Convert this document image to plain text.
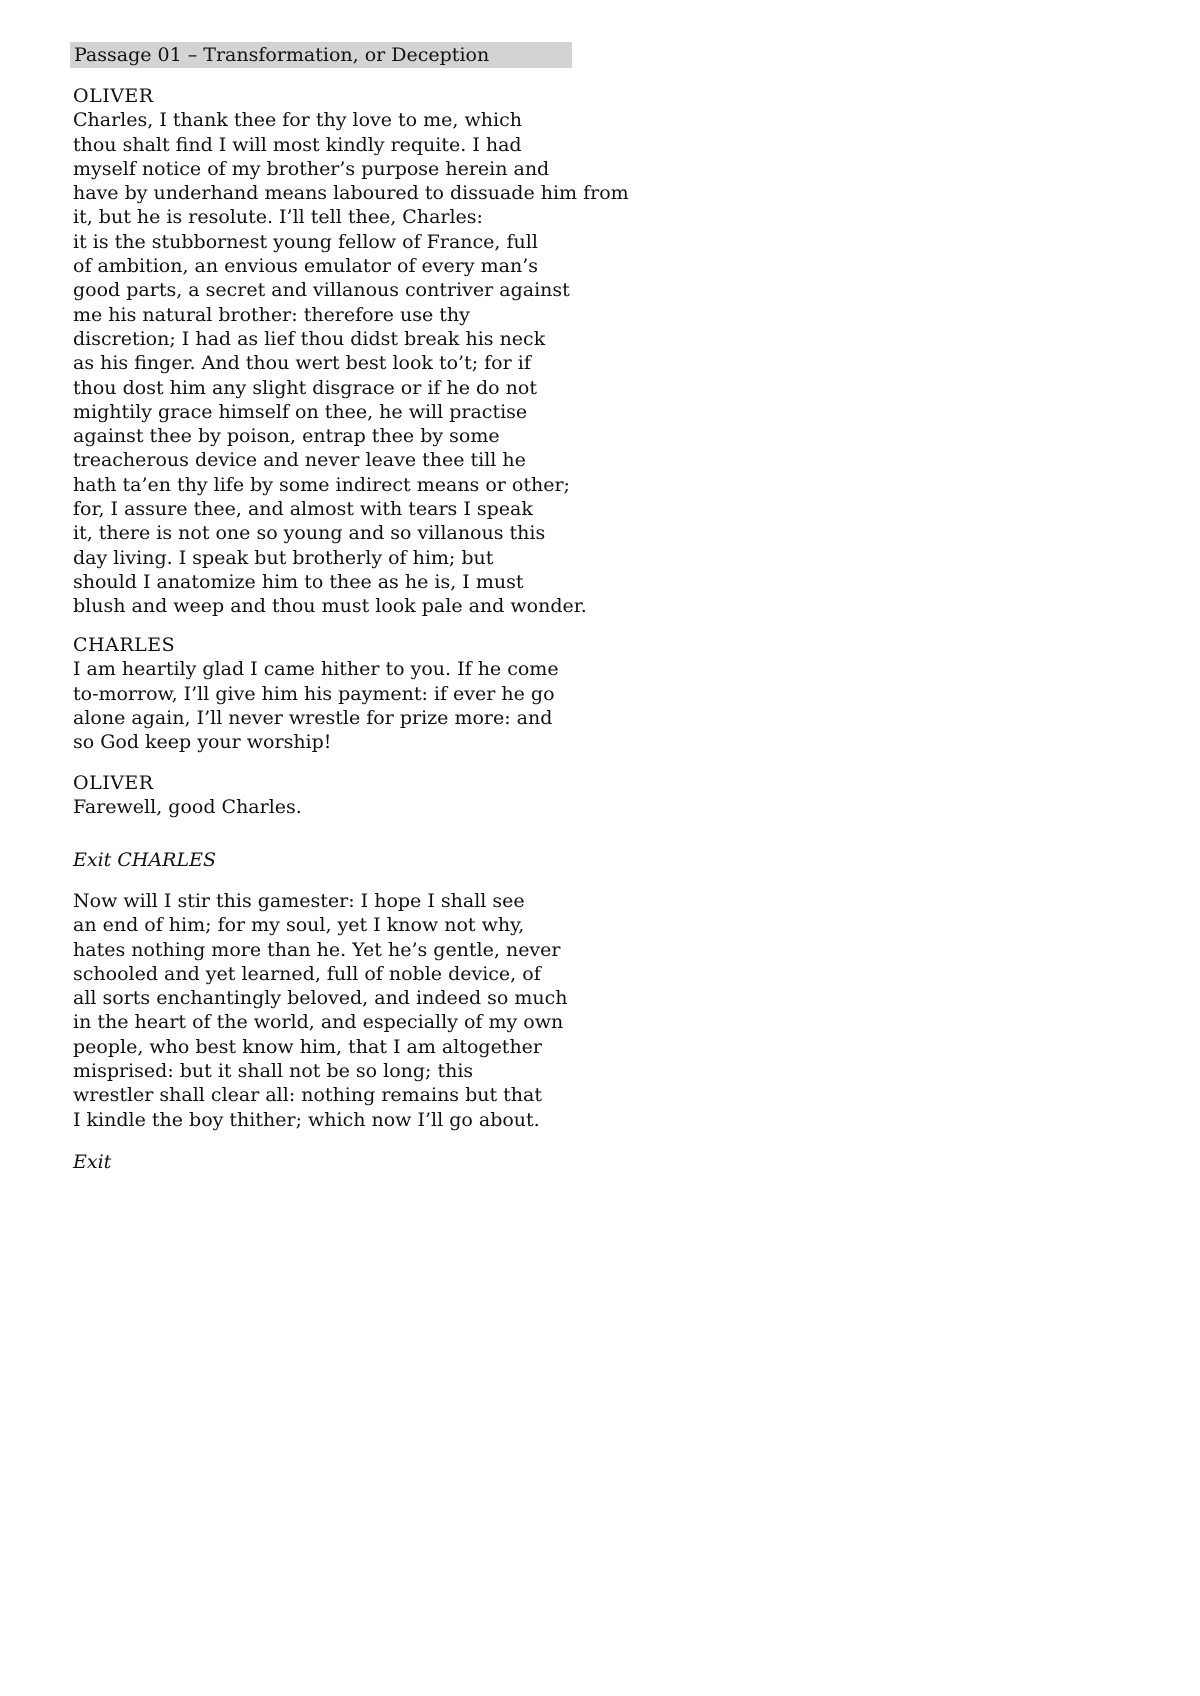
Passage 01 – Transformation, or Deception
OLIVER
Charles, I thank thee for thy love to me, which
thou shalt find I will most kindly requite. I had
myself notice of my brother’s purpose herein and
have by underhand means laboured to dissuade him from
it, but he is resolute. I’ll tell thee, Charles:
it is the stubbornest young fellow of France, full
of ambition, an envious emulator of every man’s
good parts, a secret and villanous contriver against
me his natural brother: therefore use thy
discretion; I had as lief thou didst break his neck
as his finger. And thou wert best look to’t; for if
thou dost him any slight disgrace or if he do not
mightily grace himself on thee, he will practise
against thee by poison, entrap thee by some
treacherous device and never leave thee till he
hath ta’en thy life by some indirect means or other;
for, I assure thee, and almost with tears I speak
it, there is not one so young and so villanous this
day living. I speak but brotherly of him; but
should I anatomize him to thee as he is, I must
blush and weep and thou must look pale and wonder.
CHARLES
I am heartily glad I came hither to you. If he come
to-morrow, I’ll give him his payment: if ever he go
alone again, I’ll never wrestle for prize more: and
so God keep your worship!
OLIVER
Farewell, good Charles.
Exit CHARLES
Now will I stir this gamester: I hope I shall see
an end of him; for my soul, yet I know not why,
hates nothing more than he. Yet he’s gentle, never
schooled and yet learned, full of noble device, of
all sorts enchantingly beloved, and indeed so much
in the heart of the world, and especially of my own
people, who best know him, that I am altogether
misprised: but it shall not be so long; this
wrestler shall clear all: nothing remains but that
I kindle the boy thither; which now I’ll go about.
Exit
